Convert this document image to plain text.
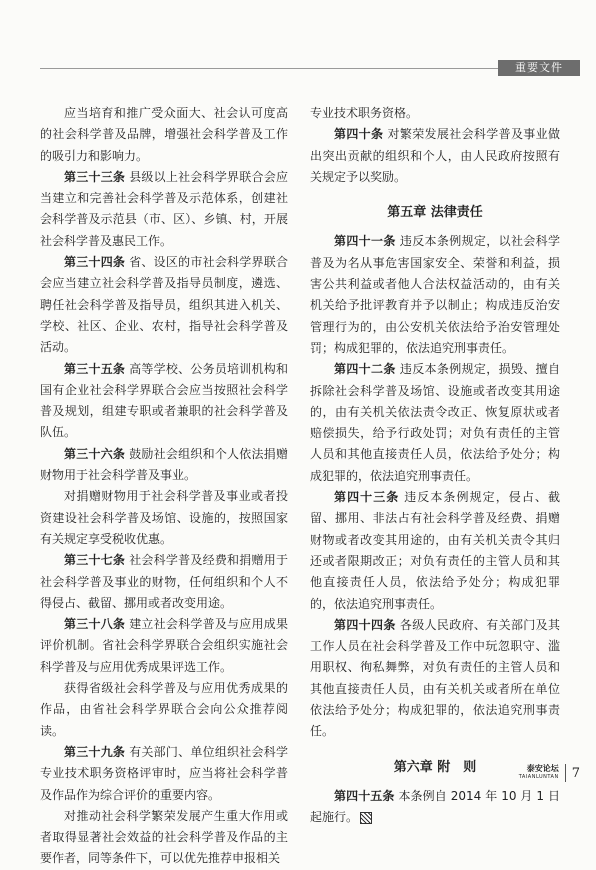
重要文件

应当培育和推广受众面大、社会认可度高的社会科学普及品牌，增强社会科学普及工作的吸引力和影响力。

第三十三条 县级以上社会科学界联合会应当建立和完善社会科学普及示范体系，创建社会科学普及示范县（市、区）、乡镇、村，开展社会科学普及惠民工作。

第三十四条 省、设区的市社会科学界联合会应当建立社会科学普及指导员制度，遴选、聘任社会科学普及指导员，组织其进入机关、学校、社区、企业、农村，指导社会科学普及活动。

第三十五条 高等学校、公务员培训机构和国有企业社会科学界联合会应当按照社会科学普及规划，组建专职或者兼职的社会科学普及队伍。

第三十六条 鼓励社会组织和个人依法捐赠财物用于社会科学普及事业。

对捐赠财物用于社会科学普及事业或者投资建设社会科学普及场馆、设施的，按照国家有关规定享受税收优惠。

第三十七条 社会科学普及经费和捐赠用于社会科学普及事业的财物，任何组织和个人不得侵占、截留、挪用或者改变用途。

第三十八条 建立社会科学普及与应用成果评价机制。省社会科学界联合会组织实施社会科学普及与应用优秀成果评选工作。

获得省级社会科学普及与应用优秀成果的作品，由省社会科学界联合会向公众推荐阅读。

第三十九条 有关部门、单位组织社会科学专业技术职务资格评审时，应当将社会科学普及作品作为综合评价的重要内容。

对推动社会科学繁荣发展产生重大作用或者取得显著社会效益的社会科学普及作品的主要作者，同等条件下，可以优先推荐申报相关

专业技术职务资格。

第四十条 对繁荣发展社会科学普及事业做出突出贡献的组织和个人，由人民政府按照有关规定予以奖励。

第五章 法律责任

第四十一条 违反本条例规定，以社会科学普及为名从事危害国家安全、荣誉和利益，损害公共利益或者他人合法权益活动的，由有关机关给予批评教育并予以制止；构成违反治安管理行为的，由公安机关依法给予治安管理处罚；构成犯罪的，依法追究刑事责任。

第四十二条 违反本条例规定，损毁、擅自拆除社会科学普及场馆、设施或者改变其用途的，由有关机关依法责令改正、恢复原状或者赔偿损失，给予行政处罚；对负有责任的主管人员和其他直接责任人员，依法给予处分；构成犯罪的，依法追究刑事责任。

第四十三条 违反本条例规定，侵占、截留、挪用、非法占有社会科学普及经费、捐赠财物或者改变其用途的，由有关机关责令其归还或者限期改正；对负有责任的主管人员和其他直接责任人员，依法给予处分；构成犯罪的，依法追究刑事责任。

第四十四条 各级人民政府、有关部门及其工作人员在社会科学普及工作中玩忽职守、滥用职权、徇私舞弊，对负有责任的主管人员和其他直接责任人员，由有关机关或者所在单位依法给予处分；构成犯罪的，依法追究刑事责任。

第六章 附　则

第四十五条 本条例自 2014 年 10 月 1 日起施行。

泰安论坛
TAIANLUNTAN 7
